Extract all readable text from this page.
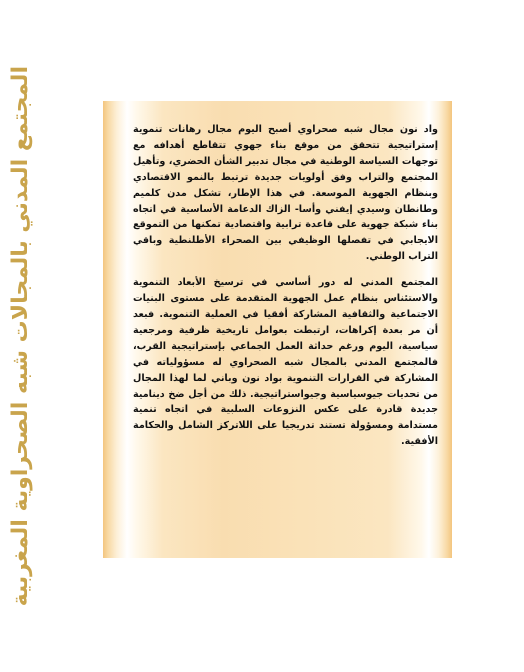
المجتمع المدني بالمجالات شبه الصحراوية المغربية	واد نون مجال شبه صحراوي أصبح اليوم مجال رهانات تنموية إستراتيجية تتحقق من موقع بناء جهوي تتقاطع أهدافه مع توجهات السياسة الوطنية في مجال تدبير الشأن الحضري، وتأهيل المجتمع والتراب وفق أولويات جديدة ترتبط بالنمو الاقتصادي وبنظام الجهوية الموسعة. في هذا الإطار، تشكل مدن كلميم وطانطان وسيدي إيفني وأسا- الزاك الدعامة الأساسية في اتجاه بناء شبكة جهوية على قاعدة ترابية واقتصادية تمكنها من التموقع الايجابي في تفصلها الوظيفي بين الصحراء الأطلنطية وباقي التراب الوطني.

المجتمع المدني له دور أساسي في ترسيخ الأبعاد التنموية والاستئناس بنظام عمل الجهوية المتقدمة على مستوى البنيات الاجتماعية والثقافية المشاركة أفقيا في العملية التنموية. فبعد أن مر بعدة إكراهات، ارتبطت بعوامل تاريخية ظرفية ومرجعية سياسية، اليوم ورغم حداثة العمل الجماعي بإستراتيجية القرب، فالمجتمع المدني بالمجال شبه الصحراوي له مسؤولياته في المشاركة في القرارات التنموية بواد نون وباني لما لهذا المجال من تحديات جيوسياسية وجيواستراتيجية. ذلك من أجل ضخ دينامية جديدة قادرة على عكس النزوعات السلبية في اتجاه تنمية مستدامة ومسؤولة تستند تدريجيا على اللاتركز الشامل والحكامة الأفقية.
